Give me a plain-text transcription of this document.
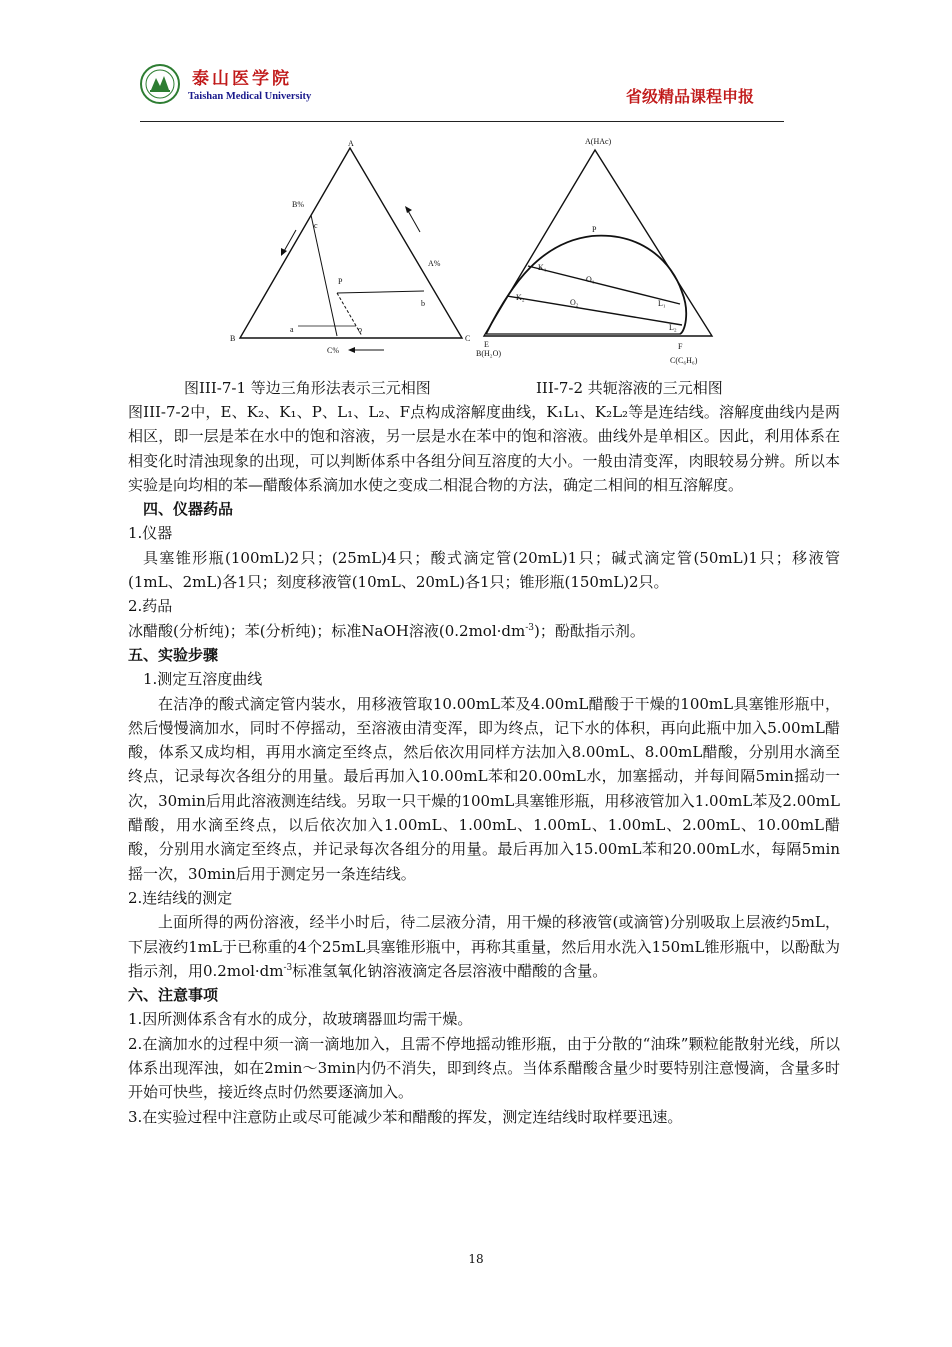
泰山医学院
Taishan Medical University	省级精品课程申报
A
B	C
B%
A%
C%
c
P
b
a	o
A(HAc)
B(H₂O)
C(C₆H₆)
P
K₁
K₂
O₁
O₂	L₁
L₂
E	F
图III-7-1 等边三角形法表示三元相图	III-7-2 共轭溶液的三元相图

图III-7-2中，E、K₂、K₁、P、L₁、L₂、F点构成溶解度曲线，K₁L₁、K₂L₂等是连结线。溶解度曲线内是两相区，即一层是苯在水中的饱和溶液，另一层是水在苯中的饱和溶液。曲线外是单相区。因此，利用体系在相变化时清浊现象的出现，可以判断体系中各组分间互溶度的大小。一般由清变浑，肉眼较易分辨。所以本实验是向均相的苯—醋酸体系滴加水使之变成二相混合物的方法，确定二相间的相互溶解度。

四、仪器药品

1.仪器

具塞锥形瓶(100mL)2只；(25mL)4只；酸式滴定管(20mL)1只；碱式滴定管(50mL)1只；移液管(1mL、2mL)各1只；刻度移液管(10mL、20mL)各1只；锥形瓶(150mL)2只。

2.药品

冰醋酸(分析纯)；苯(分析纯)；标准NaOH溶液$(0.2mol\cdot dm^{-3})$；酚酞指示剂。

五、实验步骤

1.测定互溶度曲线

在洁净的酸式滴定管内装水，用移液管取10.00mL苯及4.00mL醋酸于干燥的100mL具塞锥形瓶中，然后慢慢滴加水，同时不停摇动，至溶液由清变浑，即为终点，记下水的体积，再向此瓶中加入5.00mL醋酸，体系又成均相，再用水滴定至终点，然后依次用同样方法加入8.00mL、8.00mL醋酸，分别用水滴至终点，记录每次各组分的用量。最后再加入10.00mL苯和20.00mL水，加塞摇动，并每间隔5min摇动一次，30min后用此溶液测连结线。另取一只干燥的100mL具塞锥形瓶，用移液管加入1.00mL苯及2.00mL醋酸，用水滴至终点，以后依次加入1.00mL、1.00mL、1.00mL、1.00mL、2.00mL、10.00mL醋酸，分别用水滴定至终点，并记录每次各组分的用量。最后再加入15.00mL苯和20.00mL水，每隔5min摇一次，30min后用于测定另一条连结线。

2.连结线的测定

上面所得的两份溶液，经半小时后，待二层液分清，用干燥的移液管(或滴管)分别吸取上层液约5mL，下层液约1mL于已称重的4个25mL具塞锥形瓶中，再称其重量，然后用水洗入150mL锥形瓶中，以酚酞为指示剂，用$0.2mol\cdot dm^{-3}$标准氢氧化钠溶液滴定各层溶液中醋酸的含量。

六、注意事项

1.因所测体系含有水的成分，故玻璃器皿均需干燥。

2.在滴加水的过程中须一滴一滴地加入，且需不停地摇动锥形瓶，由于分散的“油珠”颗粒能散射光线，所以体系出现浑浊，如在2min～3min内仍不消失，即到终点。当体系醋酸含量少时要特别注意慢滴，含量多时开始可快些，接近终点时仍然要逐滴加入。

3.在实验过程中注意防止或尽可能减少苯和醋酸的挥发，测定连结线时取样要迅速。

18
